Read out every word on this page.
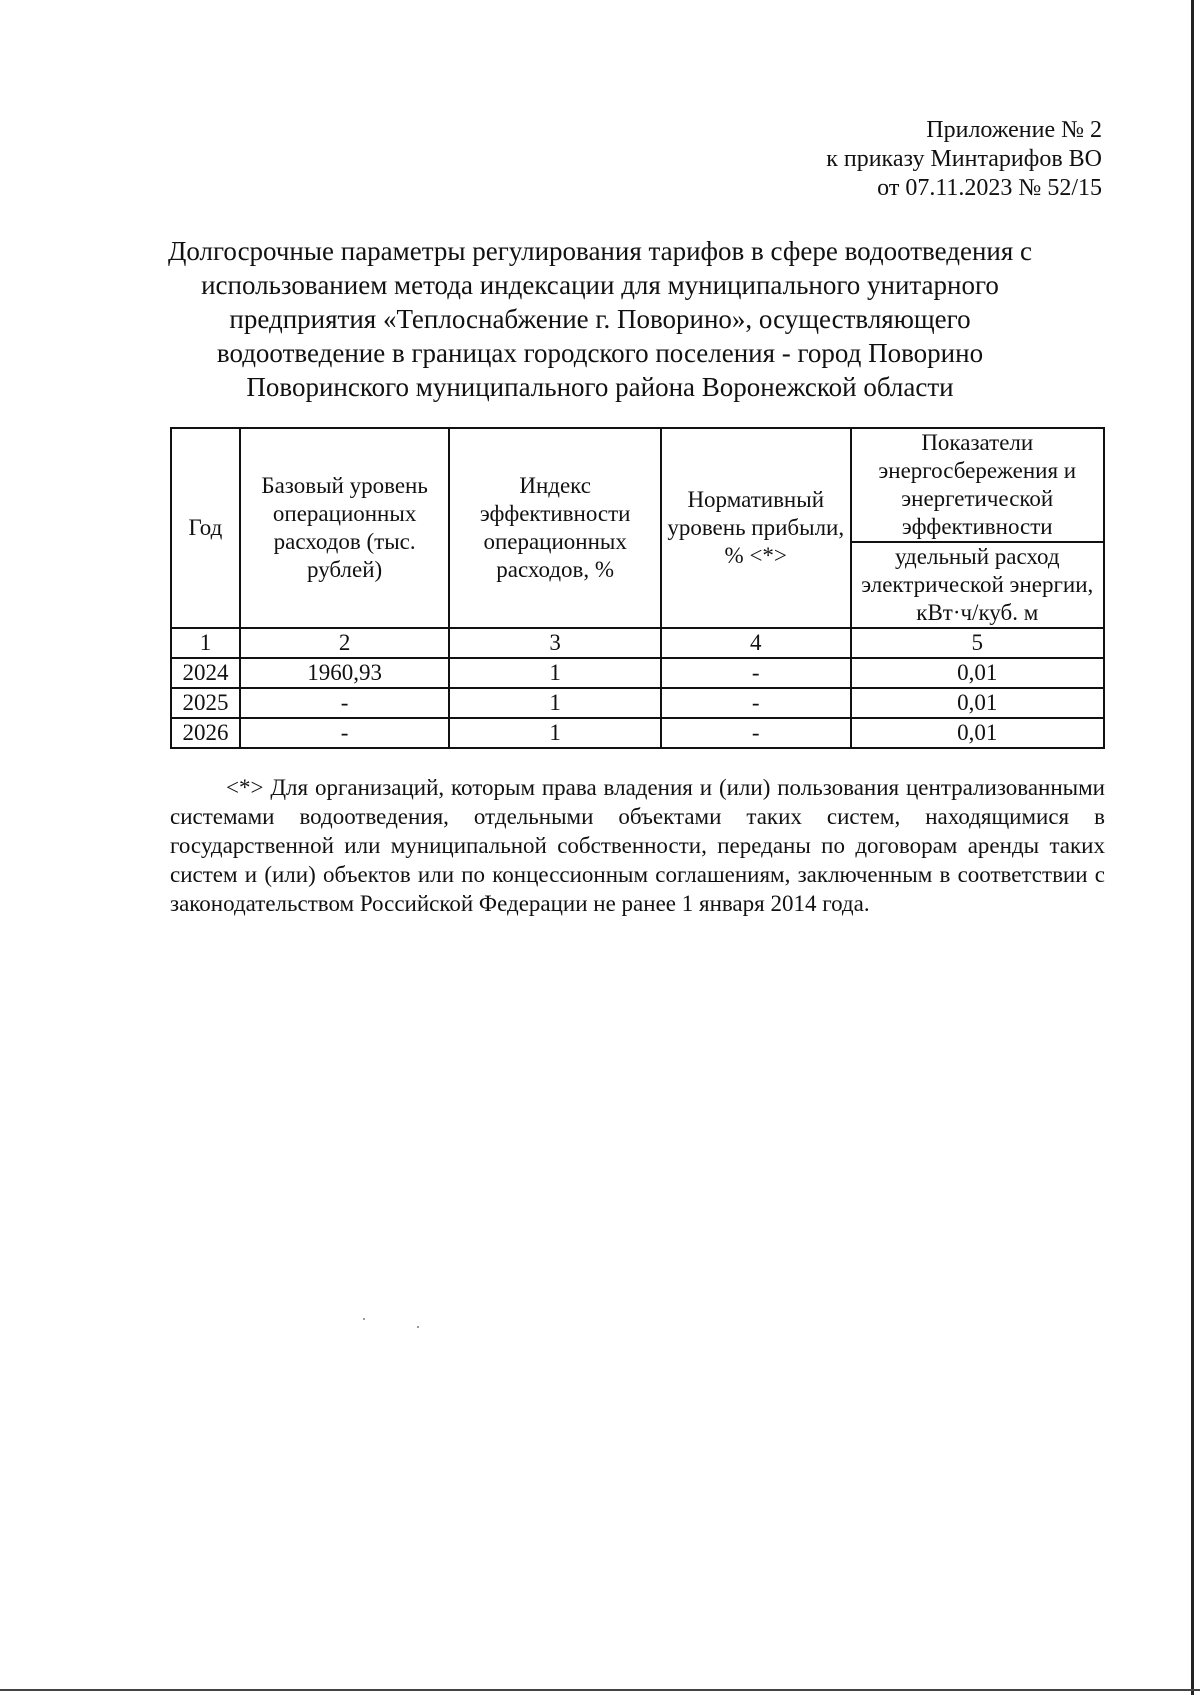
Приложение № 2
к приказу Минтарифов ВО
от 07.11.2023 № 52/15
Долгосрочные параметры регулирования тарифов в сфере водоотведения с
использованием метода индексации для муниципального унитарного
предприятия «Теплоснабжение г. Поворино», осуществляющего
водоотведение в границах городского поселения - город Поворино
Поворинского муниципального района Воронежской области
Год	Базовый уровень операционных расходов (тыс. рублей)	Индекс эффективности операционных расходов, %	Нормативный уровень прибыли, % <*>	Показатели энергосбережения и энергетической эффективности
				удельный расход электрической энергии, кВт·ч/куб. м
1	2	3	4	5
2024	1960,93	1	-	0,01
2025	-	1	-	0,01
2026	-	1	-	0,01
<*> Для организаций, которым права владения и (или) пользования централизованными системами водоотведения, отдельными объектами таких систем, находящимися в государственной или муниципальной собственности, переданы по договорам аренды таких систем и (или) объектов или по концессионным соглашениям, заключенным в соответствии с законодательством Российской Федерации не ранее 1 января 2014 года.
